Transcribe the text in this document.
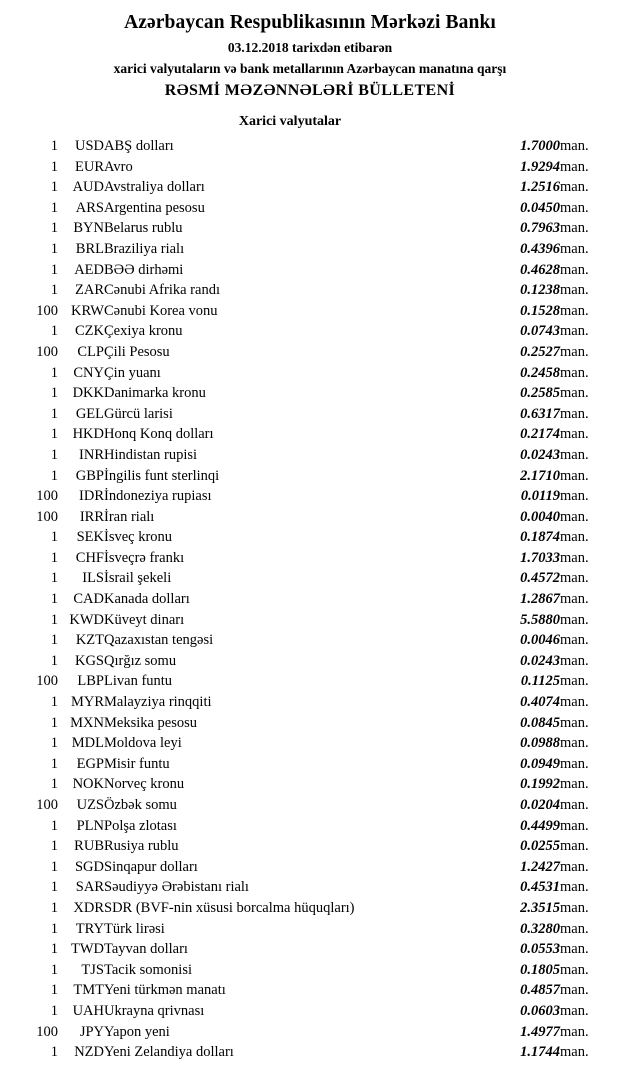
Azərbaycan Respublikasının Mərkəzi Bankı
03.12.2018 tarixdən etibarən
xarici valyutaların və bank metallarının Azərbaycan manatına qarşı
RƏSMİ MƏZƏNNƏLƏRİ BÜLLETENİ
Xarici valyutalar
1	USD	ABŞ dolları	1.7000	man.
1	EUR	Avro	1.9294	man.
1	AUD	Avstraliya dolları	1.2516	man.
1	ARS	Argentina pesosu	0.0450	man.
1	BYN	Belarus rublu	0.7963	man.
1	BRL	Braziliya rialı	0.4396	man.
1	AED	BƏƏ dirhəmi	0.4628	man.
1	ZAR	Cənubi Afrika randı	0.1238	man.
100	KRW	Cənubi Korea vonu	0.1528	man.
1	CZK	Çexiya kronu	0.0743	man.
100	CLP	Çili Pesosu	0.2527	man.
1	CNY	Çin yuanı	0.2458	man.
1	DKK	Danimarka kronu	0.2585	man.
1	GEL	Gürcü larisi	0.6317	man.
1	HKD	Honq Konq dolları	0.2174	man.
1	INR	Hindistan rupisi	0.0243	man.
1	GBP	İngilis funt sterlinqi	2.1710	man.
100	IDR	İndoneziya rupiası	0.0119	man.
100	IRR	İran rialı	0.0040	man.
1	SEK	İsveç kronu	0.1874	man.
1	CHF	İsveçrə frankı	1.7033	man.
1	ILS	İsrail şekeli	0.4572	man.
1	CAD	Kanada dolları	1.2867	man.
1	KWD	Küveyt dinarı	5.5880	man.
1	KZT	Qazaxıstan tengəsi	0.0046	man.
1	KGS	Qırğız somu	0.0243	man.
100	LBP	Livan funtu	0.1125	man.
1	MYR	Malayziya rinqqiti	0.4074	man.
1	MXN	Meksika pesosu	0.0845	man.
1	MDL	Moldova leyi	0.0988	man.
1	EGP	Misir funtu	0.0949	man.
1	NOK	Norveç kronu	0.1992	man.
100	UZS	Özbək somu	0.0204	man.
1	PLN	Polşa zlotası	0.4499	man.
1	RUB	Rusiya rublu	0.0255	man.
1	SGD	Sinqapur dolları	1.2427	man.
1	SAR	Səudiyyə Ərəbistanı rialı	0.4531	man.
1	XDR	SDR (BVF-nin xüsusi borcalma hüquqları)	2.3515	man.
1	TRY	Türk lirəsi	0.3280	man.
1	TWD	Tayvan dolları	0.0553	man.
1	TJS	Tacik somonisi	0.1805	man.
1	TMT	Yeni türkmən manatı	0.4857	man.
1	UAH	Ukrayna qrivnası	0.0603	man.
100	JPY	Yapon yeni	1.4977	man.
1	NZD	Yeni Zelandiya dolları	1.1744	man.
